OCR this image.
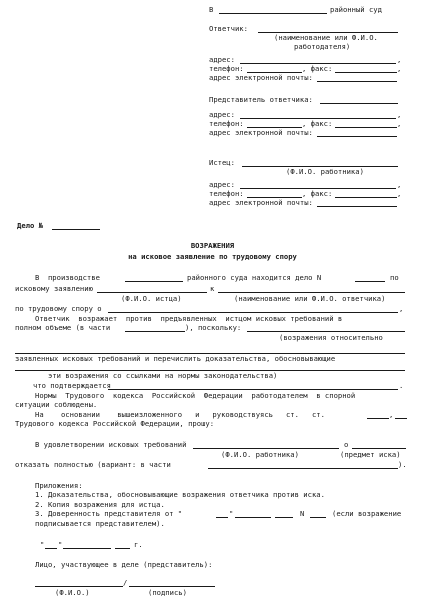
В	районный суд
Ответчик:
(наименование или Ф.И.О.
работодателя)
адрес:	,
телефон:	, факс:	,
адрес электронной почты:
Представитель ответчика:
адрес:	,
телефон:	, факс:	,
адрес электронной почты:
Истец:
(Ф.И.О. работника)
адрес:	,
телефон:	, факс:	,
адрес электронной почты:
Дело №
ВОЗРАЖЕНИЯ
на исковое заявление по трудовому спору
В  производстве	районного суда находится дело N	по
исковому заявлению	к
(Ф.И.О. истца)	(наименование или Ф.И.О. ответчика)
по трудовому спору о	,
Ответчик  возражает  против  предъявленных  истцом исковых требований в
полном объеме (в части	), поскольку:
(возражения относительно
заявленных исковых требований и перечислить доказательства, обосновывающие
эти возражения со ссылками на нормы законодательства)
что подтверждается	.
Нормы  Трудового  кодекса  Российской  Федерации  работодателем  в спорной
ситуации соблюдены.
На    основании    вышеизложенного   и   руководствуясь   ст.   ст.	,
Трудового кодекса Российской Федерации, прошу:
В удовлетворении исковых требований	о
(Ф.И.О. работника)	(предмет иска)
отказать полностью (вариант: в части	).
Приложения:
1. Доказательства, обосновывающие возражения ответчика против иска.
2. Копия возражения для истца.
3. Доверенность представителя от "	"	N	(если возражение
подписывается представителем).
" "	г.
Лицо, участвующее в деле (представитель):
/
(Ф.И.О.)	(подпись)
